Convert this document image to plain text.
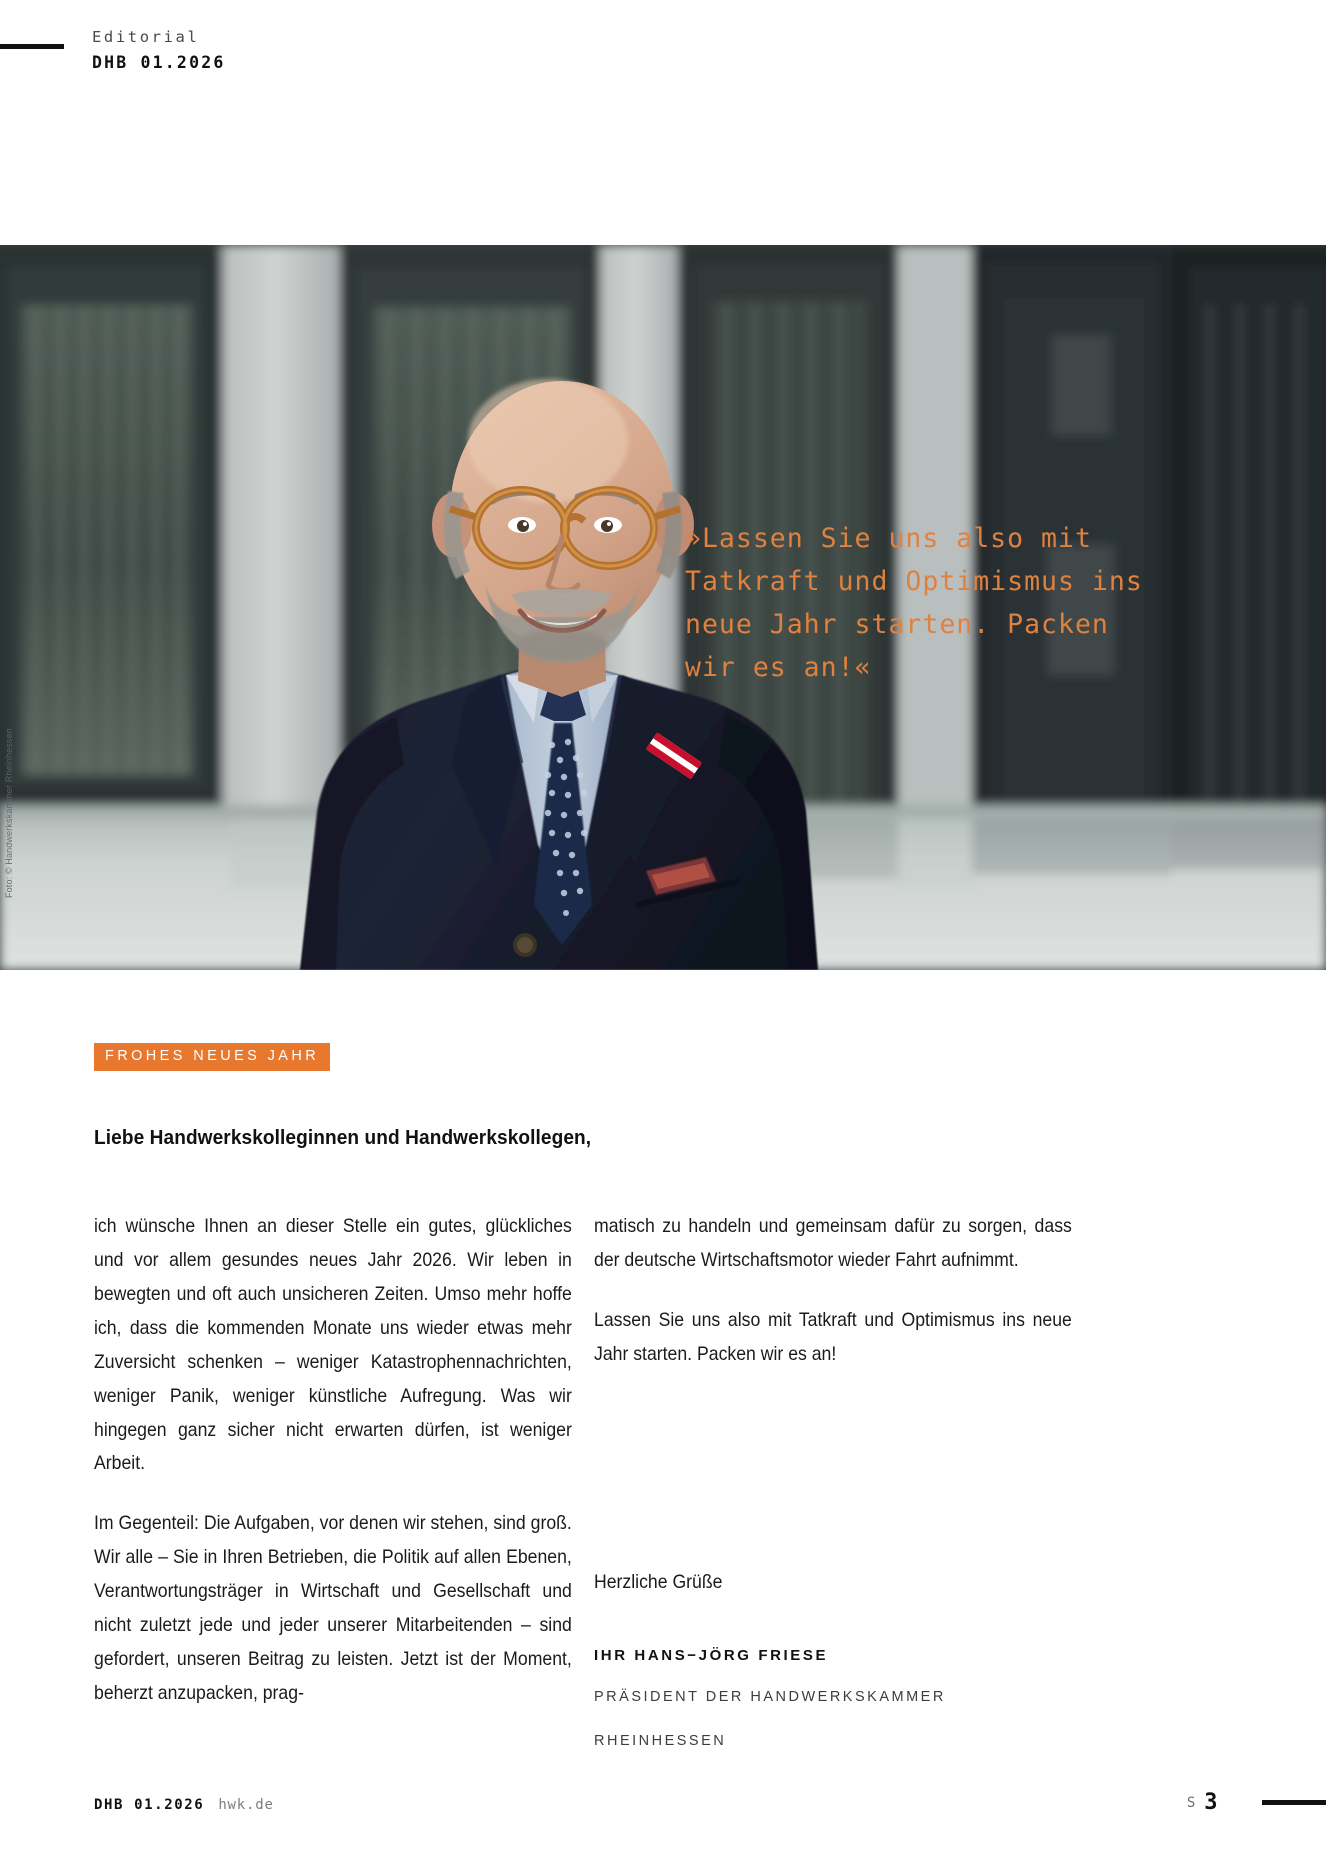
Editorial
DHB 01.2026
Foto: © Handwerkskammer Rheinhessen
»Lassen Sie uns also mit
Tatkraft und Optimismus ins
neue Jahr starten. Packen
wir es an!«
FROHES NEUES JAHR
Liebe Handwerkskolleginnen und Handwerkskollegen,

ich wünsche Ihnen an dieser Stelle ein gutes, glückliches und vor allem gesundes neues Jahr 2026. Wir leben in bewegten und oft auch unsicheren Zeiten. Umso mehr hoffe ich, dass die kommenden Monate uns wieder etwas mehr Zuversicht schenken – weniger Katastrophennachrichten, weniger Panik, weniger künstliche Aufregung. Was wir hingegen ganz sicher nicht erwarten dürfen, ist weniger Arbeit.

Im Gegenteil: Die Aufgaben, vor denen wir stehen, sind groß. Wir alle – Sie in Ihren Betrieben, die Politik auf allen Ebenen, Verantwortungsträger in Wirtschaft und Gesellschaft und nicht zuletzt jede und jeder unserer Mitarbeitenden – sind gefordert, unseren Beitrag zu leisten. Jetzt ist der Moment, beherzt anzupacken, prag-

matisch zu handeln und gemeinsam dafür zu sorgen, dass der deutsche Wirtschaftsmotor wieder Fahrt aufnimmt.

Lassen Sie uns also mit Tatkraft und Optimismus ins neue Jahr starten. Packen wir es an!

Herzliche Grüße
IHR HANS−JÖRG FRIESE
PRÄSIDENT DER HANDWERKSKAMMER
RHEINHESSEN
DHB 01.2026 hwk.de	S 3
